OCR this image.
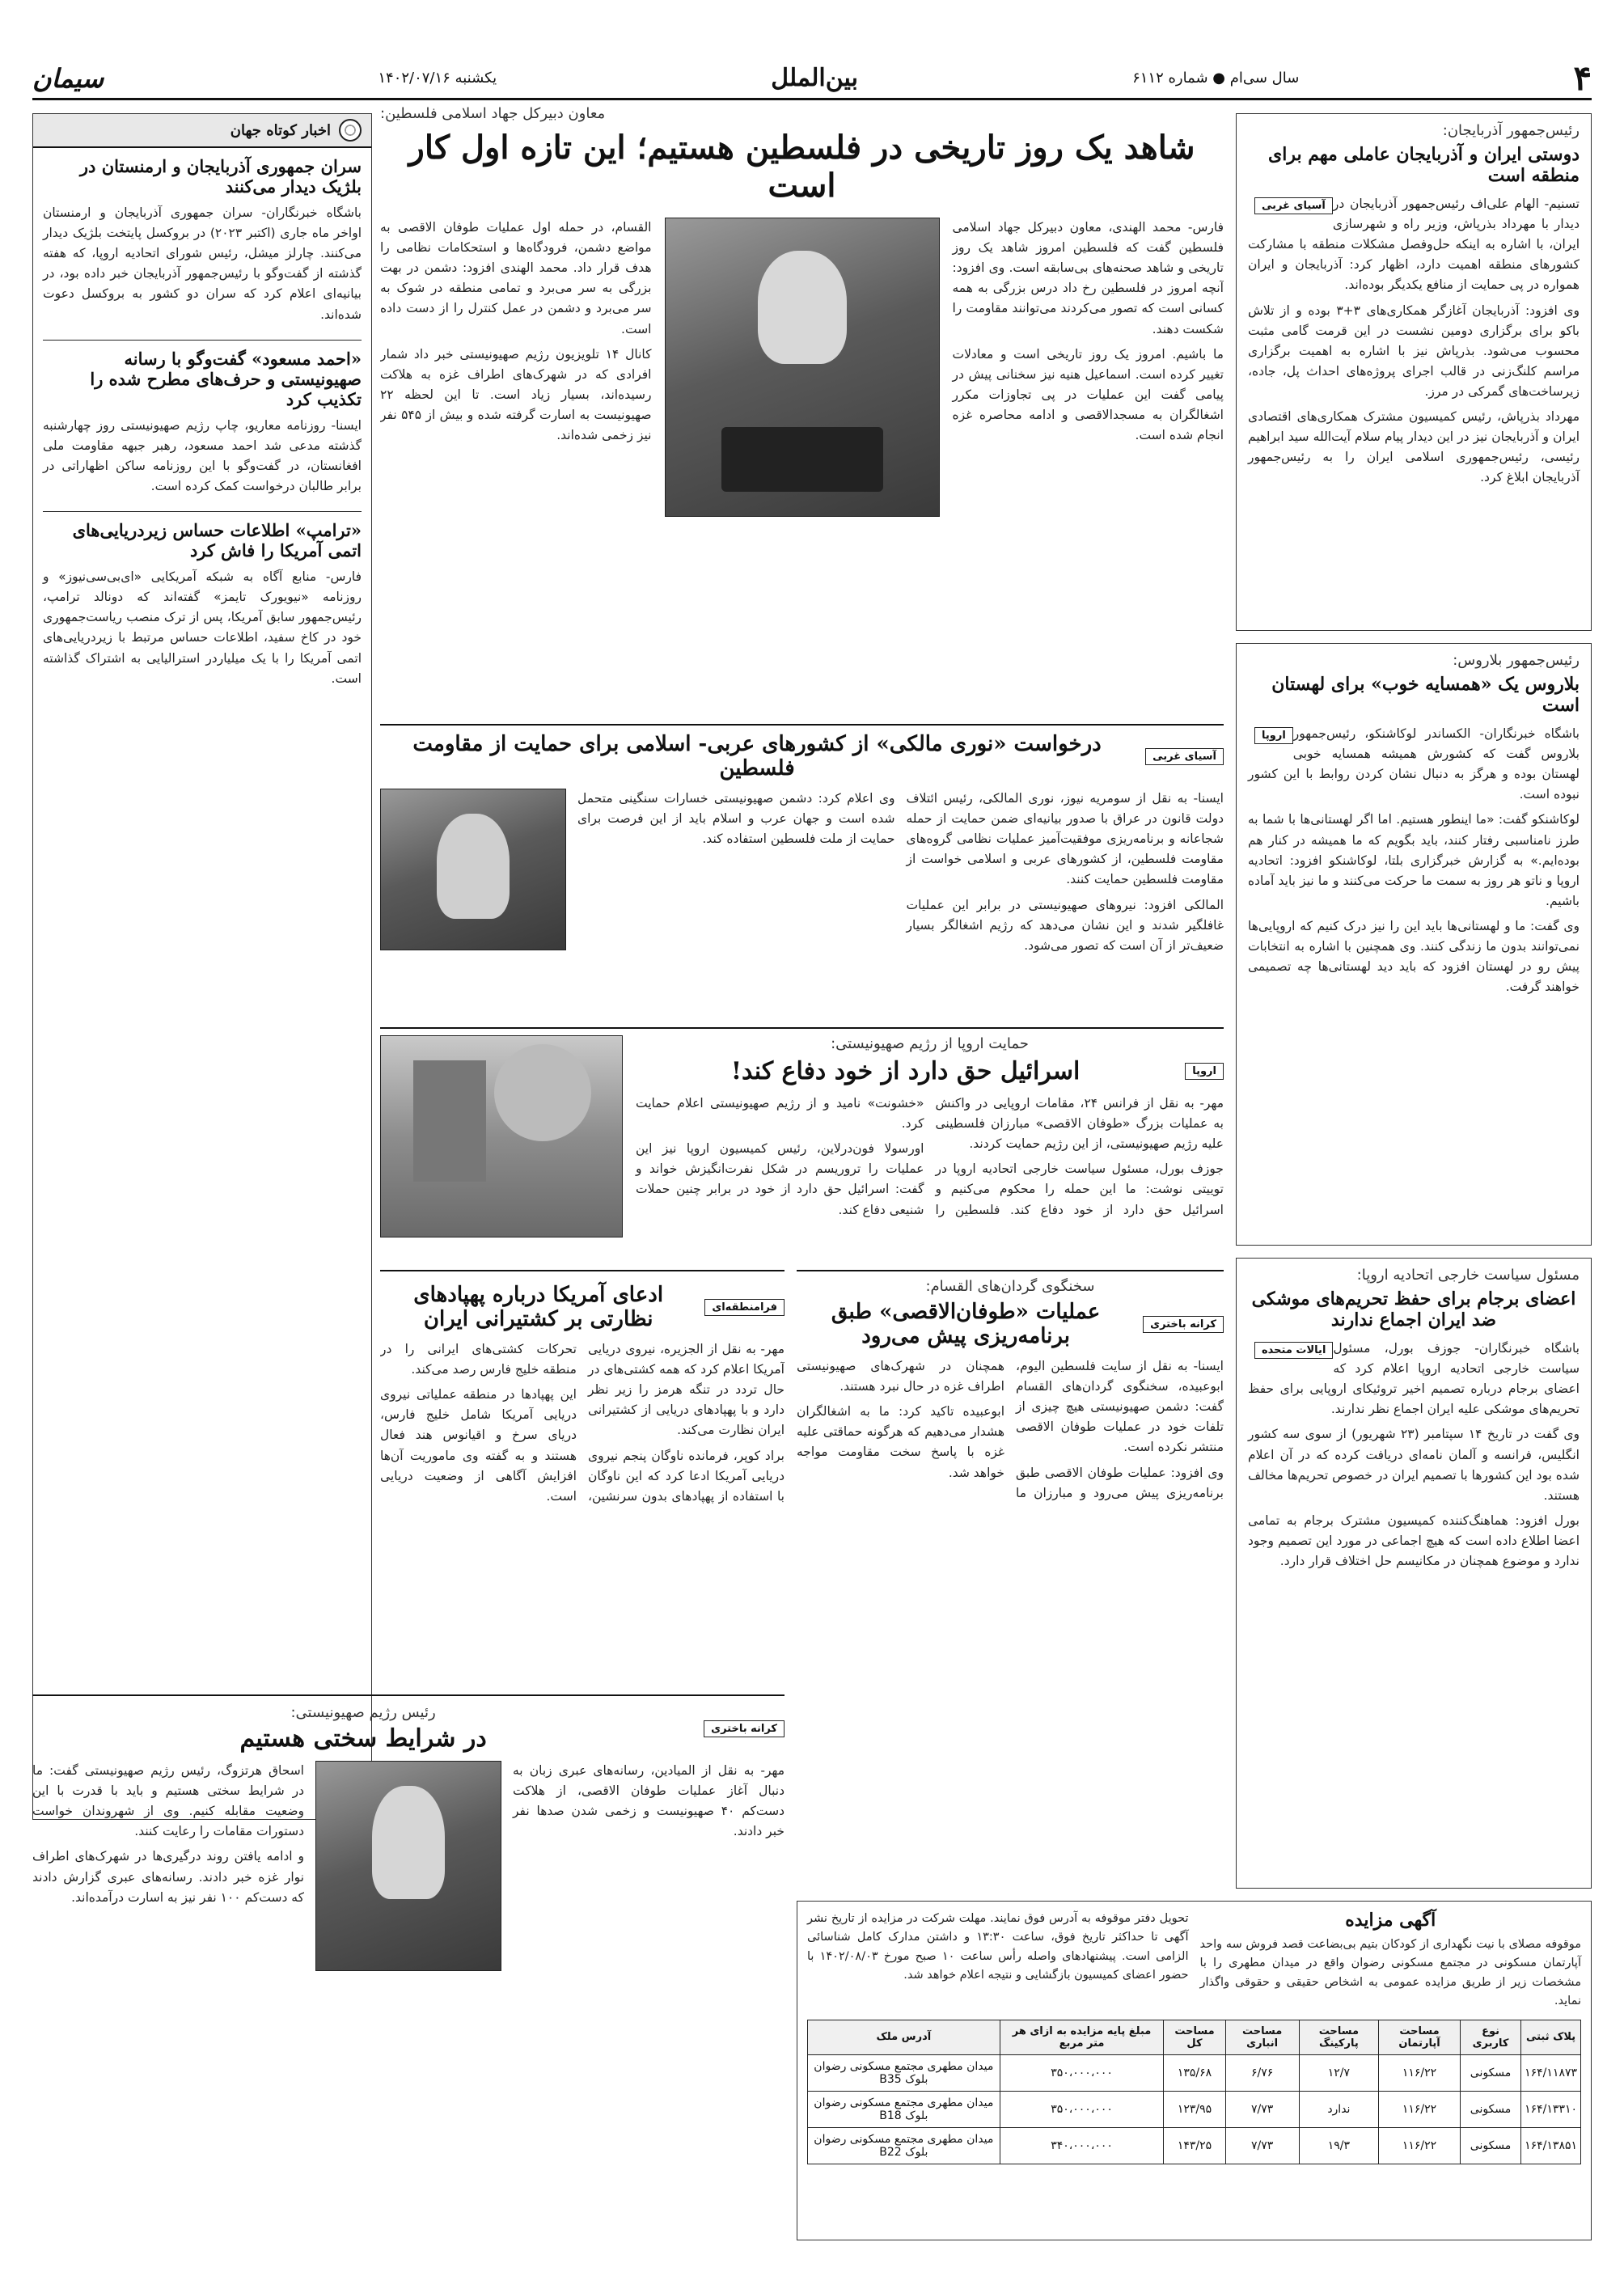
۴
سال سی‌ام ● شماره ۶۱۱۲
بین‌الملل
یکشنبه ۱۴۰۲/۰۷/۱۶
سیمان
رئیس‌جمهور آذربایجان:
دوستی ایران و آذربایجان عاملی مهم برای منطقه است
آسیای غربی تسنیم- الهام علی‌اف رئیس‌جمهور آذربایجان در دیدار با مهرداد بذرپاش، وزیر راه و شهرسازی ایران، با اشاره به اینکه حل‌وفصل مشکلات منطقه با مشارکت کشورهای منطقه اهمیت دارد، اظهار کرد: آذربایجان و ایران همواره در پی حمایت از منافع یکدیگر بوده‌اند.

وی افزود: آذربایجان آغازگر همکاری‌های ۳+۳ بوده و از تلاش باکو برای برگزاری دومین نشست در این قرمت گامی مثبت محسوب می‌شود. بذرپاش نیز با اشاره به اهمیت برگزاری مراسم کلنگ‌زنی در قالب اجرای پروژه‌های احداث پل، جاده، زیرساخت‌های گمرکی در مرز.

مهرداد بذرپاش، رئیس کمیسیون مشترک همکاری‌های اقتصادی ایران و آذربایجان نیز در این دیدار پیام سلام آیت‌الله سید ابراهیم رئیسی، رئیس‌جمهوری اسلامی ایران را به رئیس‌جمهور آذربایجان ابلاغ کرد.

رئیس‌جمهور بلاروس:
بلاروس یک «همسایه خوب» برای لهستان است
اروپا باشگاه خبرنگاران- الکساندر لوکاشنکو، رئیس‌جمهور بلاروس گفت که کشورش همیشه همسایه خوبی لهستان بوده و هرگز به دنبال نشان کردن روابط با این کشور نبوده است.

لوکاشنکو گفت: «ما اینطور هستیم. اما اگر لهستانی‌ها با شما به طرز نامناسبی رفتار کنند، باید بگویم که ما همیشه در کنار هم بوده‌ایم.» به گزارش خبرگزاری بلتا، لوکاشنکو افزود: اتحادیه اروپا و ناتو هر روز به سمت ما حرکت می‌کنند و ما نیز باید آماده باشیم.

وی گفت: ما و لهستانی‌ها باید این را نیز درک کنیم که اروپایی‌ها نمی‌توانند بدون ما زندگی کنند. وی همچنین با اشاره به انتخابات پیش رو در لهستان افزود که باید دید لهستانی‌ها چه تصمیمی خواهند گرفت.

مسئول سیاست خارجی اتحادیه اروپا:
اعضای برجام برای حفظ تحریم‌های موشکی ضد ایران اجماع ندارند
ایالات متحده باشگاه خبرنگاران- جوزف بورل، مسئول سیاست خارجی اتحادیه اروپا اعلام کرد که اعضای برجام درباره تصمیم اخیر تروئیکای اروپایی برای حفظ تحریم‌های موشکی علیه ایران اجماع نظر ندارند.

وی گفت در تاریخ ۱۴ سپتامبر (۲۳ شهریور) از سوی سه کشور انگلیس، فرانسه و آلمان نامه‌ای دریافت کرده که در آن اعلام شده بود این کشورها با تصمیم ایران در خصوص تحریم‌ها مخالف هستند.

بورل افزود: هماهنگ‌کننده کمیسیون مشترک برجام به تمامی اعضا اطلاع داده است که هیچ اجماعی در مورد این تصمیم وجود ندارد و موضوع همچنان در مکانیسم حل اختلاف قرار دارد.

اخبار کوتاه جهان
سران جمهوری آذربایجان و ارمنستان در بلژیک دیدار می‌کنند
باشگاه خبرنگاران- سران جمهوری آذربایجان و ارمنستان اواخر ماه جاری (اکتبر ۲۰۲۳) در بروکسل پایتخت بلژیک دیدار می‌کنند. چارلز میشل، رئیس شورای اتحادیه اروپا، که هفته گذشته از گفت‌وگو با رئیس‌جمهور آذربایجان خبر داده بود، در بیانیه‌ای اعلام کرد که سران دو کشور به بروکسل دعوت شده‌اند.
«احمد مسعود» گفت‌وگو با رسانه صهیونیستی و حرف‌های مطرح شده را تکذیب کرد
ایسنا- روزنامه معاریو، چاپ رژیم صهیونیستی روز چهارشنبه گذشته مدعی شد احمد مسعود، رهبر جبهه مقاومت ملی افغانستان، در گفت‌وگو با این روزنامه ساکن اظهاراتی در برابر طالبان درخواست کمک کرده است.
«ترامپ» اطلاعات حساس زیردریایی‌های اتمی آمریکا را فاش کرد
فارس- منابع آگاه به شبکه آمریکایی «ای‌بی‌سی‌نیوز» و روزنامه «نیویورک تایمز» گفته‌اند که دونالد ترامپ، رئیس‌جمهور سابق آمریکا، پس از ترک منصب ریاست‌جمهوری خود در کاخ سفید، اطلاعات حساس مرتبط با زیردریایی‌های اتمی آمریکا را با یک میلیاردر استرالیایی به اشتراک گذاشته است.
معاون دبیرکل جهاد اسلامی فلسطین:
شاهد یک روز تاریخی در فلسطین هستیم؛ این تازه اول کار است

فارس- محمد الهندی، معاون دبیرکل جهاد اسلامی فلسطین گفت که فلسطین امروز شاهد یک روز تاریخی و شاهد صحنه‌های بی‌سابقه است. وی افزود: آنچه امروز در فلسطین رخ داد درس بزرگی به همه کسانی است که تصور می‌کردند می‌توانند مقاومت را شکست دهند.

ما باشیم. امروز یک روز تاریخی است و معادلات تغییر کرده است. اسماعیل هنیه نیز سخنانی پیش در پیامی گفت این عملیات در پی تجاوزات مکرر اشغالگران به مسجدالاقصی و ادامه محاصره غزه انجام شده است.

القسام، در حمله اول عملیات طوفان الاقصی به مواضع دشمن، فرودگاه‌ها و استحکامات نظامی را هدف قرار داد. محمد الهندی افزود: دشمن در بهت بزرگی به سر می‌برد و تمامی منطقه در شوک به سر می‌برد و دشمن در عمل کنترل را از دست داده است.

کانال ۱۴ تلویزیون رژیم صهیونیستی خبر داد شمار افرادی که در شهرک‌های اطراف غزه به هلاکت رسیده‌اند، بسیار زیاد است. تا این لحظه ۲۲ صهیونیست به اسارت گرفته شده و بیش از ۵۴۵ نفر نیز زخمی شده‌اند.

آسیای غربی
درخواست «نوری مالکی» از کشورهای عربی- اسلامی برای حمایت از مقاومت فلسطین

ایسنا- به نقل از سومریه نیوز، نوری المالکی، رئیس ائتلاف دولت قانون در عراق با صدور بیانیه‌ای ضمن حمایت از حمله شجاعانه و برنامه‌ریزی موفقیت‌آمیز عملیات نظامی گروه‌های مقاومت فلسطین، از کشورهای عربی و اسلامی خواست از مقاومت فلسطین حمایت کنند.

المالکی افزود: نیروهای صهیونیستی در برابر این عملیات غافلگیر شدند و این نشان می‌دهد که رژیم اشغالگر بسیار ضعیف‌تر از آن است که تصور می‌شود.

وی اعلام کرد: دشمن صهیونیستی خسارات سنگینی متحمل شده است و جهان عرب و اسلام باید از این فرصت برای حمایت از ملت فلسطین استفاده کند.

حمایت اروپا از رژیم صهیونیستی:
اروپا
اسرائیل حق دارد از خود دفاع کند!

مهر- به نقل از فرانس ۲۴، مقامات اروپایی در واکنش به عملیات بزرگ «طوفان الاقصی» مبارزان فلسطینی علیه رژیم صهیونیستی، از این رژیم حمایت کردند.

جوزف بورل، مسئول سیاست خارجی اتحادیه اروپا در توییتی نوشت: ما این حمله را محکوم می‌کنیم و اسرائیل حق دارد از خود دفاع کند. فلسطین را «خشونت» نامید و از رژیم صهیونیستی اعلام حمایت کرد.

اورسولا فون‌درلاین، رئیس کمیسیون اروپا نیز این عملیات را تروریسم در شکل نفرت‌انگیزش خواند و گفت: اسرائیل حق دارد از خود در برابر چنین حملات شنیعی دفاع کند.

سخنگوی گردان‌های القسام:
کرانه باختری
عملیات «طوفان‌الاقصی» طبق برنامه‌ریزی پیش می‌رود

ایسنا- به نقل از سایت فلسطین الیوم، ابوعبیده، سخنگوی گردان‌های القسام گفت: دشمن صهیونیستی هیچ چیزی از تلفات خود در عملیات طوفان الاقصی منتشر نکرده است.

وی افزود: عملیات طوفان الاقصی طبق برنامه‌ریزی پیش می‌رود و مبارزان ما همچنان در شهرک‌های صهیونیستی اطراف غزه در حال نبرد هستند.

ابوعبیده تاکید کرد: ما به اشغالگران هشدار می‌دهیم که هرگونه حماقتی علیه غزه با پاسخ سخت مقاومت مواجه خواهد شد.

فرامنطقه‌ای
ادعای آمریکا درباره پهپادهای نظارتی بر کشتیرانی ایران

مهر- به نقل از الجزیره، نیروی دریایی آمریکا اعلام کرد که همه کشتی‌های در حال تردد در تنگه هرمز را زیر نظر دارد و با پهپادهای دریایی از کشتیرانی ایران نظارت می‌کند.

براد کوپر، فرمانده ناوگان پنجم نیروی دریایی آمریکا ادعا کرد که این ناوگان با استفاده از پهپادهای بدون سرنشین، تحرکات کشتی‌های ایرانی را در منطقه خلیج فارس رصد می‌کند.

این پهپادها در منطقه عملیاتی نیروی دریایی آمریکا شامل خلیج فارس، دریای سرخ و اقیانوس هند فعال هستند و به گفته وی ماموریت آن‌ها افزایش آگاهی از وضعیت دریایی است.

آگهی مزایده
موقوفه مصلای با نیت نگهداری از کودکان بتیم بی‌بضاعت قصد فروش سه واحد آپارتمان مسکونی در مجتمع مسکونی رضوان واقع در میدان مطهری را با مشخصات زیر از طریق مزایده عمومی به اشخاص حقیقی و حقوقی واگذار نماید.
تحویل دفتر موقوفه به آدرس فوق نمایند. مهلت شرکت در مزایده از تاریخ نشر آگهی تا حداکثر تاریخ فوق، ساعت ۱۳:۳۰ و داشتن مدارک کامل شناسائی الزامی است. پیشنهادهای واصله رأس ساعت ۱۰ صبح مورخ ۱۴۰۲/۰۸/۰۳ با حضور اعضای کمیسیون بازگشایی و نتیجه اعلام خواهد شد.
پلاک ثبتی	نوع کاربری	مساحت آپارتمان	مساحت پارکینگ	مساحت انباری	مساحت کل	مبلغ پایه مزایده به ازای هر متر مربع	آدرس ملک
۱۶۴/۱۱۸۷۳	مسکونی	۱۱۶/۲۲	۱۲/۷	۶/۷۶	۱۳۵/۶۸	۳۵۰،۰۰۰،۰۰۰	میدان مطهری مجتمع مسکونی رضوان بلوک B35
۱۶۴/۱۳۳۱۰	مسکونی	۱۱۶/۲۲	ندارد	۷/۷۳	۱۲۳/۹۵	۳۵۰،۰۰۰،۰۰۰	میدان مطهری مجتمع مسکونی رضوان بلوک B18
۱۶۴/۱۳۸۵۱	مسکونی	۱۱۶/۲۲	۱۹/۳	۷/۷۳	۱۴۳/۲۵	۳۴۰،۰۰۰،۰۰۰	میدان مطهری مجتمع مسکونی رضوان بلوک B22
کرانه باختری
رئیس رژیم صهیونیستی:
در شرایط سختی هستیم

مهر- به نقل از المیادین، رسانه‌های عبری زبان به دنبال آغاز عملیات طوفان الاقصی، از هلاکت دست‌کم ۴۰ صهیونیست و زخمی شدن صدها نفر خبر دادند.

اسحاق هرتزوگ، رئیس رژیم صهیونیستی گفت: ما در شرایط سختی هستیم و باید با قدرت با این وضعیت مقابله کنیم. وی از شهروندان خواست دستورات مقامات را رعایت کنند.

و ادامه یافتن روند درگیری‌ها در شهرک‌های اطراف نوار غزه خبر دادند. رسانه‌های عبری گزارش دادند که دست‌کم ۱۰۰ نفر نیز به اسارت درآمده‌اند.
